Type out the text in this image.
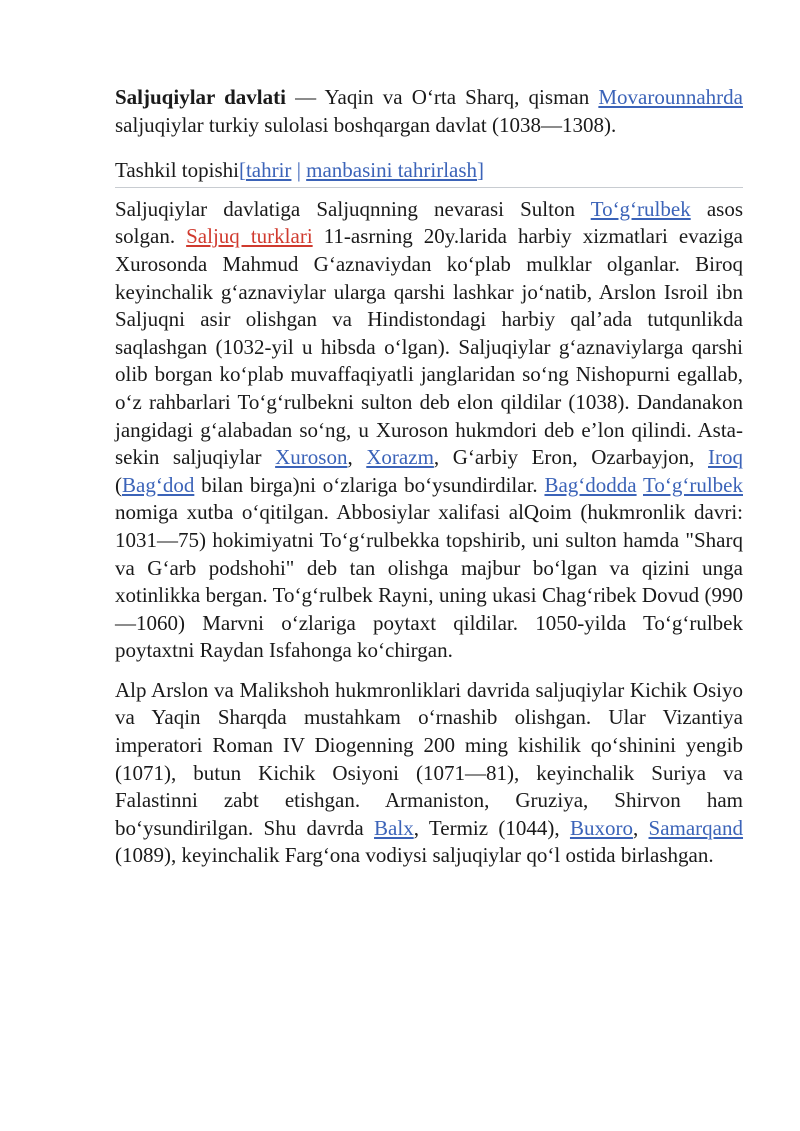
Saljuqiylar davlati — Yaqin va Oʻrta Sharq, qisman Movarounnahrda saljuqiylar turkiy sulolasi boshqargan davlat (1038—1308).

Tashkil topishi[tahrir | manbasini tahrirlash]

Saljuqiylar davlatiga Saljuqnning nevarasi Sulton Toʻgʻrulbek asos solgan. Saljuq turklari 11-asrning 20y.larida harbiy xizmatlari evaziga Xurosonda Mahmud Gʻaznaviydan koʻplab mulklar olganlar. Biroq keyinchalik gʻaznaviylar ularga qarshi lashkar joʻnatib, Arslon Isroil ibn Saljuqni asir olishgan va Hindistondagi harbiy qalʼada tutqunlikda saqlashgan (1032-yil u hibsda oʻlgan). Saljuqiylar gʻaznaviylarga qarshi olib borgan koʻplab muvaffaqiyatli janglaridan soʻng Nishopurni egallab, oʻz rahbarlari Toʻgʻrulbekni sulton deb elon qildilar (1038). Dandanakon jangidagi gʻalabadan soʻng, u Xuroson hukmdori deb eʼlon qilindi. Asta-sekin saljuqiylar Xuroson, Xorazm, Gʻarbiy Eron, Ozarbayjon, Iroq (Bagʻdod bilan birga)ni oʻzlariga boʻysundirdilar. Bagʻdodda Toʻgʻrulbek nomiga xutba oʻqitilgan. Abbosiylar xalifasi alQoim (hukmronlik davri: 1031—75) hokimiyatni Toʻgʻrulbekka topshirib, uni sulton hamda "Sharq va Gʻarb podshohi" deb tan olishga majbur boʻlgan va qizini unga xotinlikka bergan. Toʻgʻrulbek Rayni, uning ukasi Chagʻribek Dovud (990—1060) Marvni oʻzlariga poytaxt qildilar. 1050-yilda Toʻgʻrulbek poytaxtni Raydan Isfahonga koʻchirgan.

Alp Arslon va Malikshoh hukmronliklari davrida saljuqiylar Kichik Osiyo va Yaqin Sharqda mustahkam oʻrnashib olishgan. Ular Vizantiya imperatori Roman IV Diogenning 200 ming kishilik qoʻshinini yengib (1071), butun Kichik Osiyoni (1071—81), keyinchalik Suriya va Falastinni zabt etishgan. Armaniston, Gruziya, Shirvon ham boʻysundirilgan. Shu davrda Balx, Termiz (1044), Buxoro, Samarqand (1089), keyinchalik Fargʻona vodiysi saljuqiylar qoʻl ostida birlashgan.
